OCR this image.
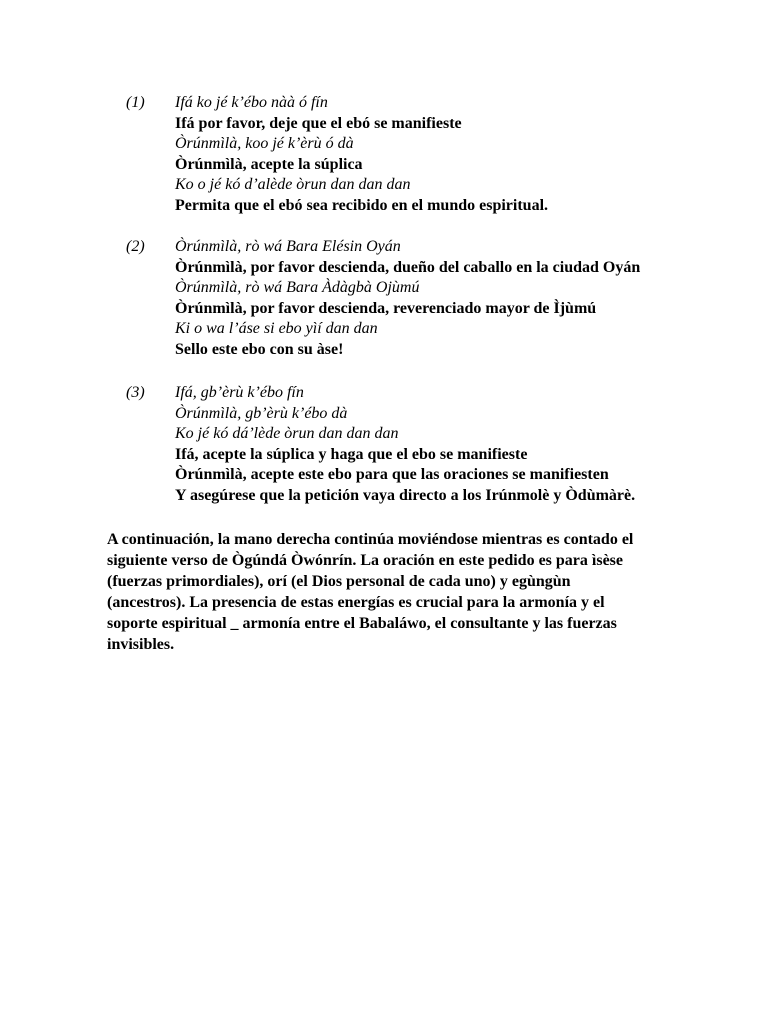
(1) Ifá ko jé k’ébo nàà ó fín
Ifá por favor, deje que el ebó se manifieste
Òrúnmìlà, koo jé k’èrù ó dà
Òrúnmìlà, acepte la súplica
Ko o jé kó d’alède òrun dan dan dan
Permita que el ebó sea recibido en el mundo espiritual.
(2) Òrúnmìlà, rò wá Bara Elésin Oyán
Òrúnmìlà, por favor descienda, dueño del caballo en la ciudad Oyán
Òrúnmìlà, rò wá Bara Àdàgbà Ojùmú
Òrúnmìlà, por favor descienda, reverenciado mayor de Ìjùmú
Ki o wa l’áse si ebo yìí dan dan
Sello este ebo con su àse!
(3) Ifá, gb’èrù k’ébo fín
Òrúnmìlà, gb’èrù k’ébo dà
Ko jé kó dá’lède òrun dan dan dan
Ifá, acepte la súplica y haga que el ebo se manifieste
Òrúnmìlà, acepte este ebo para que las oraciones se manifiesten
Y asegúrese que la petición vaya directo a los Irúnmolè y Òdùmàrè.
A continuación, la mano derecha continúa moviéndose mientras es contado el
siguiente verso de Ògúndá Òwónrín. La oración en este pedido es para ìsèse
(fuerzas primordiales), orí (el Dios personal de cada uno) y egùngùn
(ancestros). La presencia de estas energías es crucial para la armonía y el
soporte espiritual _ armonía entre el Babaláwo, el consultante y las fuerzas
invisibles.
